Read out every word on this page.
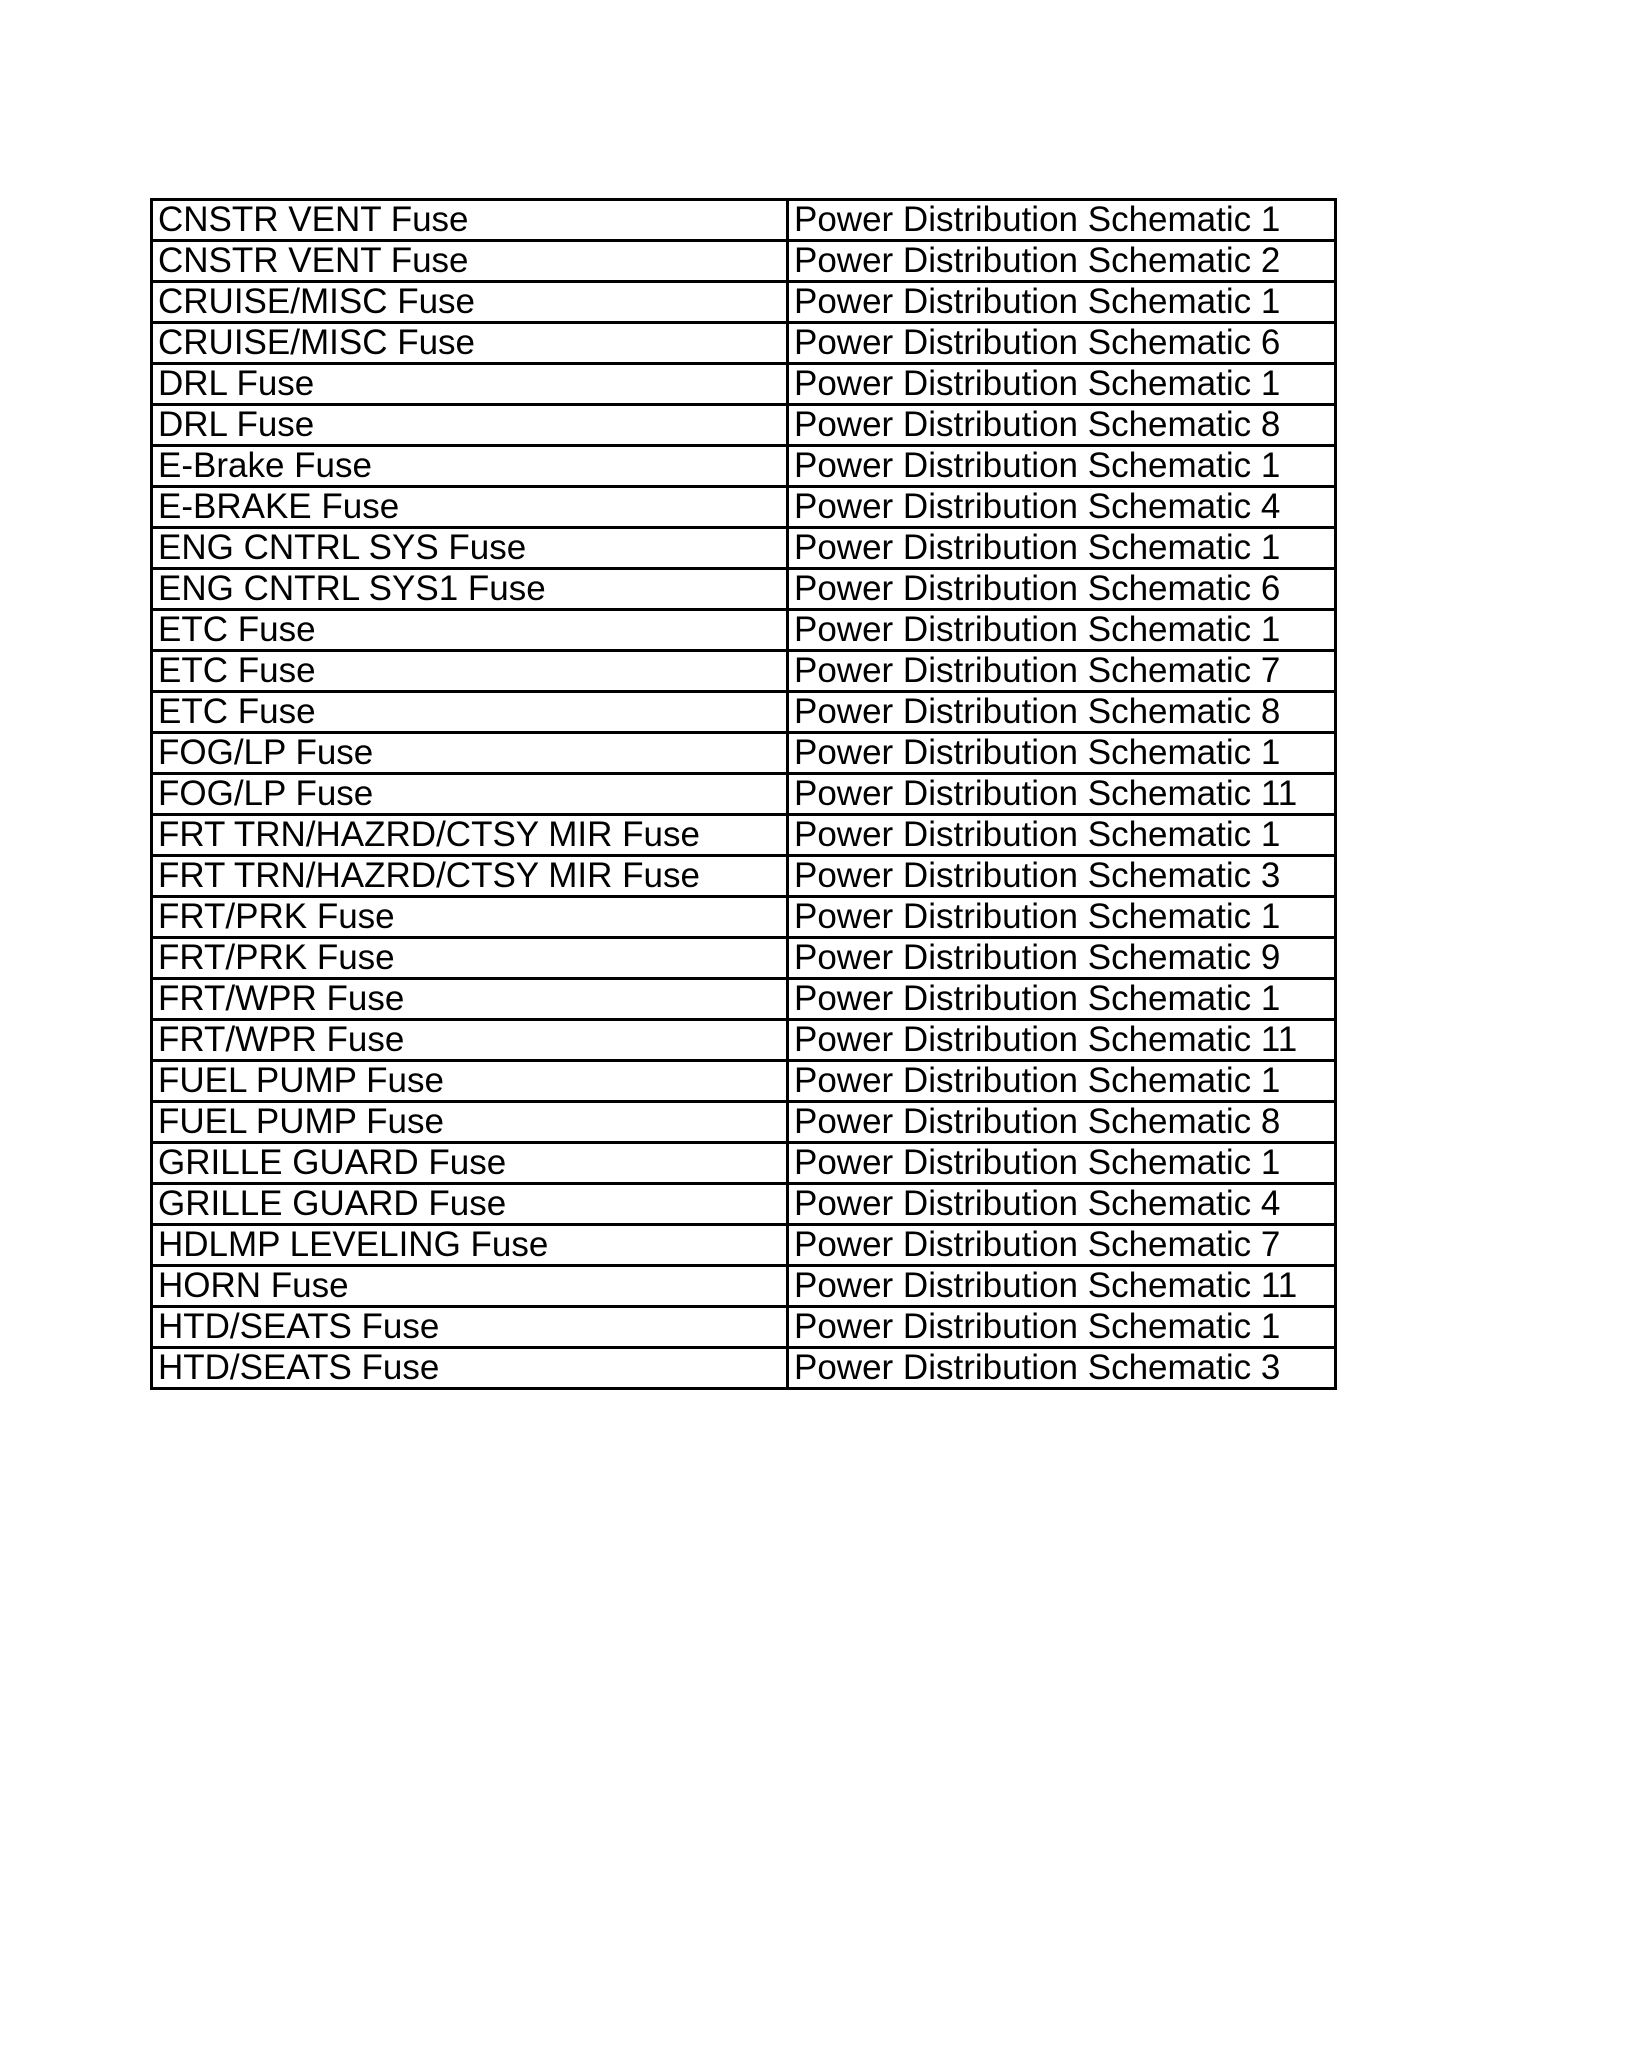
CNSTR VENT Fuse	Power Distribution Schematic 1
CNSTR VENT Fuse	Power Distribution Schematic 2
CRUISE/MISC Fuse	Power Distribution Schematic 1
CRUISE/MISC Fuse	Power Distribution Schematic 6
DRL Fuse	Power Distribution Schematic 1
DRL Fuse	Power Distribution Schematic 8
E-Brake Fuse	Power Distribution Schematic 1
E-BRAKE Fuse	Power Distribution Schematic 4
ENG CNTRL SYS Fuse	Power Distribution Schematic 1
ENG CNTRL SYS1 Fuse	Power Distribution Schematic 6
ETC Fuse	Power Distribution Schematic 1
ETC Fuse	Power Distribution Schematic 7
ETC Fuse	Power Distribution Schematic 8
FOG/LP Fuse	Power Distribution Schematic 1
FOG/LP Fuse	Power Distribution Schematic 11
FRT TRN/HAZRD/CTSY MIR Fuse	Power Distribution Schematic 1
FRT TRN/HAZRD/CTSY MIR Fuse	Power Distribution Schematic 3
FRT/PRK Fuse	Power Distribution Schematic 1
FRT/PRK Fuse	Power Distribution Schematic 9
FRT/WPR Fuse	Power Distribution Schematic 1
FRT/WPR Fuse	Power Distribution Schematic 11
FUEL PUMP Fuse	Power Distribution Schematic 1
FUEL PUMP Fuse	Power Distribution Schematic 8
GRILLE GUARD Fuse	Power Distribution Schematic 1
GRILLE GUARD Fuse	Power Distribution Schematic 4
HDLMP LEVELING Fuse	Power Distribution Schematic 7
HORN Fuse	Power Distribution Schematic 11
HTD/SEATS Fuse	Power Distribution Schematic 1
HTD/SEATS Fuse	Power Distribution Schematic 3
